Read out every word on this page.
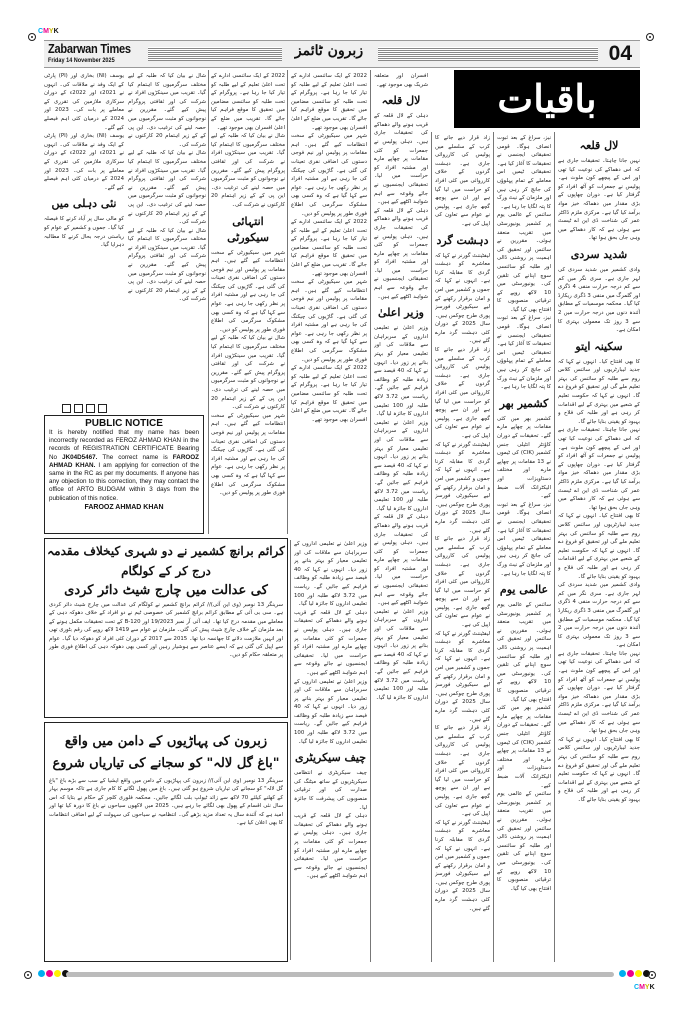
CMYK
Zabarwan Times
Friday 14 November 2025
زبرون ٹائمز	04
باقیات
لال قلعہ
نہیں جانا چاہتا۔ تحقیقات جاری ہے کہ اس دھماکے کی نوعیت کیا تھی اور اس کے پیچھے کون ملوث ہے۔ پولیس نے جمعرات کو آٹھ افراد کو گرفتار کیا ہے۔ دوران چھاپوں کے بڑی مقدار میں دھماکہ خیز مواد برآمد کیا گیا ہے۔ مرکزی ملزم ڈاکٹر عمر کی شناخت ڈی این اے ٹیسٹ سے ہوئی ہے کہ کار دھماکے میں وہی جاں بحق ہوا تھا۔
شدید سردی
وادی کشمیر میں شدید سردی کی لہر جاری ہے۔ سری نگر میں کم سے کم درجہ حرارت منفی 4 ڈگری اور گلمرگ میں منفی 3 ڈگری ریکارڈ کیا گیا۔ محکمہ موسمیات کے مطابق آئندہ دنوں میں درجہ حرارت میں 2 سے 3 روز تک معمولی بہتری کا امکان ہے۔
سکینہ ایتو
کا بھی افتتاح کیا۔ انہوں نے کہا کہ جدید لیبارٹریوں اور سائنس کلاس روم سے طلبہ کو سائنس کی بہتر تعلیم ملے گی اور تحقیق کو فروغ دے گا۔ انہوں نے کہا کہ حکومت تعلیم کے شعبے میں بہتری کے لیے اقدامات کر رہی ہے اور طلبہ کی فلاح و بہبود کو یقینی بنایا جائے گا۔
نہیں جانا چاہتا۔ تحقیقات جاری ہے کہ اس دھماکے کی نوعیت کیا تھی اور اس کے پیچھے کون ملوث ہے۔ پولیس نے جمعرات کو آٹھ افراد کو گرفتار کیا ہے۔ دوران چھاپوں کے بڑی مقدار میں دھماکہ خیز مواد برآمد کیا گیا ہے۔ مرکزی ملزم ڈاکٹر عمر کی شناخت ڈی این اے ٹیسٹ سے ہوئی ہے کہ کار دھماکے میں وہی جاں بحق ہوا تھا۔
کا بھی افتتاح کیا۔ انہوں نے کہا کہ جدید لیبارٹریوں اور سائنس کلاس روم سے طلبہ کو سائنس کی بہتر تعلیم ملے گی اور تحقیق کو فروغ دے گا۔ انہوں نے کہا کہ حکومت تعلیم کے شعبے میں بہتری کے لیے اقدامات کر رہی ہے اور طلبہ کی فلاح و بہبود کو یقینی بنایا جائے گا۔
وادی کشمیر میں شدید سردی کی لہر جاری ہے۔ سری نگر میں کم سے کم درجہ حرارت منفی 4 ڈگری اور گلمرگ میں منفی 3 ڈگری ریکارڈ کیا گیا۔ محکمہ موسمیات کے مطابق آئندہ دنوں میں درجہ حرارت میں 2 سے 3 روز تک معمولی بہتری کا امکان ہے۔
نہیں جانا چاہتا۔ تحقیقات جاری ہے کہ اس دھماکے کی نوعیت کیا تھی اور اس کے پیچھے کون ملوث ہے۔ پولیس نے جمعرات کو آٹھ افراد کو گرفتار کیا ہے۔ دوران چھاپوں کے بڑی مقدار میں دھماکہ خیز مواد برآمد کیا گیا ہے۔ مرکزی ملزم ڈاکٹر عمر کی شناخت ڈی این اے ٹیسٹ سے ہوئی ہے کہ کار دھماکے میں وہی جاں بحق ہوا تھا۔
کا بھی افتتاح کیا۔ انہوں نے کہا کہ جدید لیبارٹریوں اور سائنس کلاس روم سے طلبہ کو سائنس کی بہتر تعلیم ملے گی اور تحقیق کو فروغ دے گا۔ انہوں نے کہا کہ حکومت تعلیم کے شعبے میں بہتری کے لیے اقدامات کر رہی ہے اور طلبہ کی فلاح و بہبود کو یقینی بنایا جائے گا۔
نیز، سراغ کے بعد ثبوت انصاف ہوگا۔ قومی تحقیقاتی ایجنسی نے تحقیقات کا آغاز کیا ہے۔ تحقیقاتی ٹیمیں اس معاملے کے تمام پہلوؤں کی جانچ کر رہی ہیں اور ملزمان کے نیٹ ورک کا پتہ لگایا جا رہا ہے۔
سائنس کے عالمی یوم پر کشمیر یونیورسٹی میں تقریب منعقد ہوئی۔ مقررین نے سائنس اور تحقیق کی اہمیت پر روشنی ڈالی اور طلبہ کو سائنسی سوچ اپنانے کی تلقین کی۔ یونیورسٹی میں 10 لاکھ روپے کے ترقیاتی منصوبوں کا افتتاح بھی کیا گیا۔
نیز، سراغ کے بعد ثبوت انصاف ہوگا۔ قومی تحقیقاتی ایجنسی نے تحقیقات کا آغاز کیا ہے۔ تحقیقاتی ٹیمیں اس معاملے کے تمام پہلوؤں کی جانچ کر رہی ہیں اور ملزمان کے نیٹ ورک کا پتہ لگایا جا رہا ہے۔
کشمیر بھر
کشمیر بھر میں کئی مقامات پر چھاپے مارے گئے۔ تحقیقات کے دوران کاؤنٹر انٹیلی جنس کشمیر (CIK) کی ٹیموں نے 13 مقامات پر چھاپے مارے اور مختلف دستاویزات اور الیکٹرانک آلات ضبط کیے۔
نیز، سراغ کے بعد ثبوت انصاف ہوگا۔ قومی تحقیقاتی ایجنسی نے تحقیقات کا آغاز کیا ہے۔ تحقیقاتی ٹیمیں اس معاملے کے تمام پہلوؤں کی جانچ کر رہی ہیں اور ملزمان کے نیٹ ورک کا پتہ لگایا جا رہا ہے۔
عالمی یوم
سائنس کے عالمی یوم پر کشمیر یونیورسٹی میں تقریب منعقد ہوئی۔ مقررین نے سائنس اور تحقیق کی اہمیت پر روشنی ڈالی اور طلبہ کو سائنسی سوچ اپنانے کی تلقین کی۔ یونیورسٹی میں 10 لاکھ روپے کے ترقیاتی منصوبوں کا افتتاح بھی کیا گیا۔
کشمیر بھر میں کئی مقامات پر چھاپے مارے گئے۔ تحقیقات کے دوران کاؤنٹر انٹیلی جنس کشمیر (CIK) کی ٹیموں نے 13 مقامات پر چھاپے مارے اور مختلف دستاویزات اور الیکٹرانک آلات ضبط کیے۔
سائنس کے عالمی یوم پر کشمیر یونیورسٹی میں تقریب منعقد ہوئی۔ مقررین نے سائنس اور تحقیق کی اہمیت پر روشنی ڈالی اور طلبہ کو سائنسی سوچ اپنانے کی تلقین کی۔ یونیورسٹی میں 10 لاکھ روپے کے ترقیاتی منصوبوں کا افتتاح بھی کیا گیا۔
زاد قرار دیے جانے کا کرب کے سلسلے میں پولیس کی کارروائی جاری ہے۔ دہشت گردوں کے خلاف کارروائی میں کئی افراد کو حراست میں لیا گیا ہے اور ان سے پوچھ گچھ جاری ہے۔ پولیس نے عوام سے تعاون کی اپیل کی ہے۔
دہشت گرد
لیفٹیننٹ گورنر نے کہا کہ معاشرے کو دہشت گردی کا مقابلہ کرنا ہے۔ انہوں نے کہا کہ جموں و کشمیر میں امن و امان برقرار رکھنے کے لیے سیکیورٹی فورسز پوری طرح چوکس ہیں۔ سال 2025 کے دوران کئی دہشت گرد مارے گئے ہیں۔
زاد قرار دیے جانے کا کرب کے سلسلے میں پولیس کی کارروائی جاری ہے۔ دہشت گردوں کے خلاف کارروائی میں کئی افراد کو حراست میں لیا گیا ہے اور ان سے پوچھ گچھ جاری ہے۔ پولیس نے عوام سے تعاون کی اپیل کی ہے۔
لیفٹیننٹ گورنر نے کہا کہ معاشرے کو دہشت گردی کا مقابلہ کرنا ہے۔ انہوں نے کہا کہ جموں و کشمیر میں امن و امان برقرار رکھنے کے لیے سیکیورٹی فورسز پوری طرح چوکس ہیں۔ سال 2025 کے دوران کئی دہشت گرد مارے گئے ہیں۔
زاد قرار دیے جانے کا کرب کے سلسلے میں پولیس کی کارروائی جاری ہے۔ دہشت گردوں کے خلاف کارروائی میں کئی افراد کو حراست میں لیا گیا ہے اور ان سے پوچھ گچھ جاری ہے۔ پولیس نے عوام سے تعاون کی اپیل کی ہے۔
لیفٹیننٹ گورنر نے کہا کہ معاشرے کو دہشت گردی کا مقابلہ کرنا ہے۔ انہوں نے کہا کہ جموں و کشمیر میں امن و امان برقرار رکھنے کے لیے سیکیورٹی فورسز پوری طرح چوکس ہیں۔ سال 2025 کے دوران کئی دہشت گرد مارے گئے ہیں۔
زاد قرار دیے جانے کا کرب کے سلسلے میں پولیس کی کارروائی جاری ہے۔ دہشت گردوں کے خلاف کارروائی میں کئی افراد کو حراست میں لیا گیا ہے اور ان سے پوچھ گچھ جاری ہے۔ پولیس نے عوام سے تعاون کی اپیل کی ہے۔
لیفٹیننٹ گورنر نے کہا کہ معاشرے کو دہشت گردی کا مقابلہ کرنا ہے۔ انہوں نے کہا کہ جموں و کشمیر میں امن و امان برقرار رکھنے کے لیے سیکیورٹی فورسز پوری طرح چوکس ہیں۔ سال 2025 کے دوران کئی دہشت گرد مارے گئے ہیں۔
افسران اور متعلقہ شریک بھی موجود تھے۔
لال قلعہ
دہلی کے لال قلعہ کے قریب ہونے والے دھماکے کی تحقیقات جاری ہیں۔ دہلی پولیس نے جمعرات کو کئی مقامات پر چھاپے مارے اور مشتبہ افراد کو حراست میں لیا۔ تحقیقاتی ایجنسیوں نے جائے وقوعہ سے اہم شواہد اکٹھے کیے ہیں۔
دہلی کے لال قلعہ کے قریب ہونے والے دھماکے کی تحقیقات جاری ہیں۔ دہلی پولیس نے جمعرات کو کئی مقامات پر چھاپے مارے اور مشتبہ افراد کو حراست میں لیا۔ تحقیقاتی ایجنسیوں نے جائے وقوعہ سے اہم شواہد اکٹھے کیے ہیں۔
وزیر اعلیٰ
وزیر اعلیٰ نے تعلیمی اداروں کے سربراہان سے ملاقات کی اور تعلیمی معیار کو بہتر بنانے پر زور دیا۔ انہوں نے کہا کہ 40 فیصد سے زیادہ طلبہ کو وظائف فراہم کیے جائیں گے۔ ریاست میں 3.72 لاکھ طلبہ اور 100 تعلیمی اداروں کا جائزہ لیا گیا۔
وزیر اعلیٰ نے تعلیمی اداروں کے سربراہان سے ملاقات کی اور تعلیمی معیار کو بہتر بنانے پر زور دیا۔ انہوں نے کہا کہ 40 فیصد سے زیادہ طلبہ کو وظائف فراہم کیے جائیں گے۔ ریاست میں 3.72 لاکھ طلبہ اور 100 تعلیمی اداروں کا جائزہ لیا گیا۔
دہلی کے لال قلعہ کے قریب ہونے والے دھماکے کی تحقیقات جاری ہیں۔ دہلی پولیس نے جمعرات کو کئی مقامات پر چھاپے مارے اور مشتبہ افراد کو حراست میں لیا۔ تحقیقاتی ایجنسیوں نے جائے وقوعہ سے اہم شواہد اکٹھے کیے ہیں۔
وزیر اعلیٰ نے تعلیمی اداروں کے سربراہان سے ملاقات کی اور تعلیمی معیار کو بہتر بنانے پر زور دیا۔ انہوں نے کہا کہ 40 فیصد سے زیادہ طلبہ کو وظائف فراہم کیے جائیں گے۔ ریاست میں 3.72 لاکھ طلبہ اور 100 تعلیمی اداروں کا جائزہ لیا گیا۔
2022 کے ایک سائنسی ادارے کے تحت اعلیٰ تعلیم کے لیے طلبہ کو تیار کیا جا رہا ہے۔ پروگرام کے تحت طلبہ کو سائنسی مضامین میں تحقیق کا موقع فراہم کیا جائے گا۔ تقریب میں ضلع کے اعلیٰ افسران بھی موجود تھے۔
شہر میں سیکیورٹی کے سخت انتظامات کیے گئے ہیں۔ اہم مقامات پر پولیس اور نیم فوجی دستوں کی اضافی نفری تعینات کی گئی ہے۔ گاڑیوں کی چیکنگ کی جا رہی ہے اور مشتبہ افراد پر نظر رکھی جا رہی ہے۔ عوام سے کہا گیا ہے کہ وہ کسی بھی مشکوک سرگرمی کی اطلاع فوری طور پر پولیس کو دیں۔
2022 کے ایک سائنسی ادارے کے تحت اعلیٰ تعلیم کے لیے طلبہ کو تیار کیا جا رہا ہے۔ پروگرام کے تحت طلبہ کو سائنسی مضامین میں تحقیق کا موقع فراہم کیا جائے گا۔ تقریب میں ضلع کے اعلیٰ افسران بھی موجود تھے۔
شہر میں سیکیورٹی کے سخت انتظامات کیے گئے ہیں۔ اہم مقامات پر پولیس اور نیم فوجی دستوں کی اضافی نفری تعینات کی گئی ہے۔ گاڑیوں کی چیکنگ کی جا رہی ہے اور مشتبہ افراد پر نظر رکھی جا رہی ہے۔ عوام سے کہا گیا ہے کہ وہ کسی بھی مشکوک سرگرمی کی اطلاع فوری طور پر پولیس کو دیں۔
2022 کے ایک سائنسی ادارے کے تحت اعلیٰ تعلیم کے لیے طلبہ کو تیار کیا جا رہا ہے۔ پروگرام کے تحت طلبہ کو سائنسی مضامین میں تحقیق کا موقع فراہم کیا جائے گا۔ تقریب میں ضلع کے اعلیٰ افسران بھی موجود تھے۔
2022 کے ایک سائنسی ادارے کے تحت اعلیٰ تعلیم کے لیے طلبہ کو تیار کیا جا رہا ہے۔ پروگرام کے تحت طلبہ کو سائنسی مضامین میں تحقیق کا موقع فراہم کیا جائے گا۔ تقریب میں ضلع کے اعلیٰ افسران بھی موجود تھے۔
شال نے بیان کیا کہ طلبہ کے لیے مختلف سرگرمیوں کا اہتمام کیا گیا۔ تقریب میں سینکڑوں افراد نے شرکت کی اور ثقافتی پروگرام پیش کیے گئے۔ مقررین نے نوجوانوں کو مثبت سرگرمیوں میں حصہ لینے کی ترغیب دی۔ این پی کے کے زیر اہتمام 20 کارکنوں نے شرکت کی۔
انتہائی سیکورٹی
شہر میں سیکیورٹی کے سخت انتظامات کیے گئے ہیں۔ اہم مقامات پر پولیس اور نیم فوجی دستوں کی اضافی نفری تعینات کی گئی ہے۔ گاڑیوں کی چیکنگ کی جا رہی ہے اور مشتبہ افراد پر نظر رکھی جا رہی ہے۔ عوام سے کہا گیا ہے کہ وہ کسی بھی مشکوک سرگرمی کی اطلاع فوری طور پر پولیس کو دیں۔
شال نے بیان کیا کہ طلبہ کے لیے مختلف سرگرمیوں کا اہتمام کیا گیا۔ تقریب میں سینکڑوں افراد نے شرکت کی اور ثقافتی پروگرام پیش کیے گئے۔ مقررین نے نوجوانوں کو مثبت سرگرمیوں میں حصہ لینے کی ترغیب دی۔ این پی کے کے زیر اہتمام 20 کارکنوں نے شرکت کی۔
شہر میں سیکیورٹی کے سخت انتظامات کیے گئے ہیں۔ اہم مقامات پر پولیس اور نیم فوجی دستوں کی اضافی نفری تعینات کی گئی ہے۔ گاڑیوں کی چیکنگ کی جا رہی ہے اور مشتبہ افراد پر نظر رکھی جا رہی ہے۔ عوام سے کہا گیا ہے کہ وہ کسی بھی مشکوک سرگرمی کی اطلاع فوری طور پر پولیس کو دیں۔
شال نے بیان کیا کہ طلبہ کے لیے مختلف سرگرمیوں کا اہتمام کیا گیا۔ تقریب میں سینکڑوں افراد نے شرکت کی اور ثقافتی پروگرام پیش کیے گئے۔ مقررین نے نوجوانوں کو مثبت سرگرمیوں میں حصہ لینے کی ترغیب دی۔ این پی کے کے زیر اہتمام 20 کارکنوں نے شرکت کی۔
شال نے بیان کیا کہ طلبہ کے لیے مختلف سرگرمیوں کا اہتمام کیا گیا۔ تقریب میں سینکڑوں افراد نے شرکت کی اور ثقافتی پروگرام پیش کیے گئے۔ مقررین نے نوجوانوں کو مثبت سرگرمیوں میں حصہ لینے کی ترغیب دی۔ این پی کے کے زیر اہتمام 20 کارکنوں نے شرکت کی۔
شال نے بیان کیا کہ طلبہ کے لیے مختلف سرگرمیوں کا اہتمام کیا گیا۔ تقریب میں سینکڑوں افراد نے شرکت کی اور ثقافتی پروگرام پیش کیے گئے۔ مقررین نے نوجوانوں کو مثبت سرگرمیوں میں حصہ لینے کی ترغیب دی۔ این پی کے کے زیر اہتمام 20 کارکنوں نے شرکت کی۔
یوسف (NI) بخاری اور (PI) پارٹی کے ایک وفد نے ملاقات کی۔ انہوں نے 2021ء اور 2022ء کے دوران سرکاری ملازمین کی تقرری کے معاملے پر بات کی۔ 2023 اور 2024 کے درمیان کئی اہم فیصلے کیے گئے۔
یوسف (NI) بخاری اور (PI) پارٹی کے ایک وفد نے ملاقات کی۔ انہوں نے 2021ء اور 2022ء کے دوران سرکاری ملازمین کی تقرری کے معاملے پر بات کی۔ 2023 اور 2024 کے درمیان کئی اہم فیصلے کیے گئے۔
نئی دہلی میں
کو مالی سال پر آباد کرنے کا فیصلہ کیا گیا۔ جموں و کشمیر کے عوام کو ریاستی درجہ بحال کرنے کا مطالبہ دہرایا گیا۔
PUBLIC NOTICE
It is hereby notified that my name has been incorrectly recorded as FEROZ AHMAD KHAN in the records of REGISTRATION CERTIFICATE Bearing No JK04D5467. The correct name is FAROOZ AHMAD KHAN. I am applying for correction of the same in the RC as per my documents. If anyone has any objection to this correction, they may contact the office of ARTO BUDGAM within 3 days from the publication of this notice.
FAROOZ AHMAD KHAN
کرائم برانچ کشمیر نے دو شہری کیخلاف مقدمہ درج کر کے کولگام
کی عدالت میں چارج شیٹ دائر کردی
سرینگر 13 نومبر (وی این آئی)// کرائم برانچ کشمیر نے کولگام کی عدالت میں چارج شیٹ دائر کردی ہے۔ سی بی آئی کے مطابق کرائم برانچ کشمیر کی خصوصی ٹیم نے دو افراد کے خلاف دھوکہ دہی کے معاملے میں مقدمہ درج کیا تھا۔ ایف آئی آر نمبر 19/2023 اور 120-B کے تحت تحقیقات مکمل ہونے کے بعد ملزمان کے خلاف چارج شیٹ پیش کی گئی۔ ملزمان نے عوام سے 1419 لاکھ روپے کی رقم بٹوری تھی اور انہیں ملازمت دلانے کا جھانسہ دیا تھا۔ 2015 سے 2017 کے دوران کئی افراد کو دھوکہ دیا گیا۔ عوام سے اپیل کی گئی ہے کہ ایسے عناصر سے ہوشیار رہیں اور کسی بھی دھوکہ دہی کی اطلاع فوری طور پر متعلقہ حکام کو دیں۔
زبرون کی پہاڑیوں کے دامن میں واقع
"باغ گل لالہ" کو سجانے کی تیاریاں شروع
سرینگر 13 نومبر (وی این آئی)// زبرون کی پہاڑیوں کے دامن میں واقع ایشیا کے سب سے بڑے باغ "باغ گل لالہ" کو سجانے کی تیاریاں شروع ہو گئی ہیں۔ باغ میں پھول لگانے کا کام جاری ہے تاکہ موسم بہار کے کھلنے کیلئے 70 لاکھ سے زائد ٹیولپ بلب لگائے جائیں۔ محکمہ فلوری کلچر کے حکام نے بتایا کہ اس سال نئی اقسام کے پھول بھی لگائے جا رہے ہیں۔ 2025 میں لاکھوں سیاحوں نے باغ کا دورہ کیا تھا اور امید ہے کہ آئندہ سال یہ تعداد مزید بڑھے گی۔ انتظامیہ نے سیاحوں کی سہولت کے لیے اضافی انتظامات کا بھی اعلان کیا ہے۔
وزیر اعلیٰ نے تعلیمی اداروں کے سربراہان سے ملاقات کی اور تعلیمی معیار کو بہتر بنانے پر زور دیا۔ انہوں نے کہا کہ 40 فیصد سے زیادہ طلبہ کو وظائف فراہم کیے جائیں گے۔ ریاست میں 3.72 لاکھ طلبہ اور 100 تعلیمی اداروں کا جائزہ لیا گیا۔
دہلی کے لال قلعہ کے قریب ہونے والے دھماکے کی تحقیقات جاری ہیں۔ دہلی پولیس نے جمعرات کو کئی مقامات پر چھاپے مارے اور مشتبہ افراد کو حراست میں لیا۔ تحقیقاتی ایجنسیوں نے جائے وقوعہ سے اہم شواہد اکٹھے کیے ہیں۔
وزیر اعلیٰ نے تعلیمی اداروں کے سربراہان سے ملاقات کی اور تعلیمی معیار کو بہتر بنانے پر زور دیا۔ انہوں نے کہا کہ 40 فیصد سے زیادہ طلبہ کو وظائف فراہم کیے جائیں گے۔ ریاست میں 3.72 لاکھ طلبہ اور 100 تعلیمی اداروں کا جائزہ لیا گیا۔
چیف سیکریٹری
چیف سیکریٹری نے انتظامی سیکریٹریوں کے ساتھ میٹنگ کی صدارت کی اور ترقیاتی منصوبوں کی پیشرفت کا جائزہ لیا۔
دہلی کے لال قلعہ کے قریب ہونے والے دھماکے کی تحقیقات جاری ہیں۔ دہلی پولیس نے جمعرات کو کئی مقامات پر چھاپے مارے اور مشتبہ افراد کو حراست میں لیا۔ تحقیقاتی ایجنسیوں نے جائے وقوعہ سے اہم شواہد اکٹھے کیے ہیں۔
CMYK
